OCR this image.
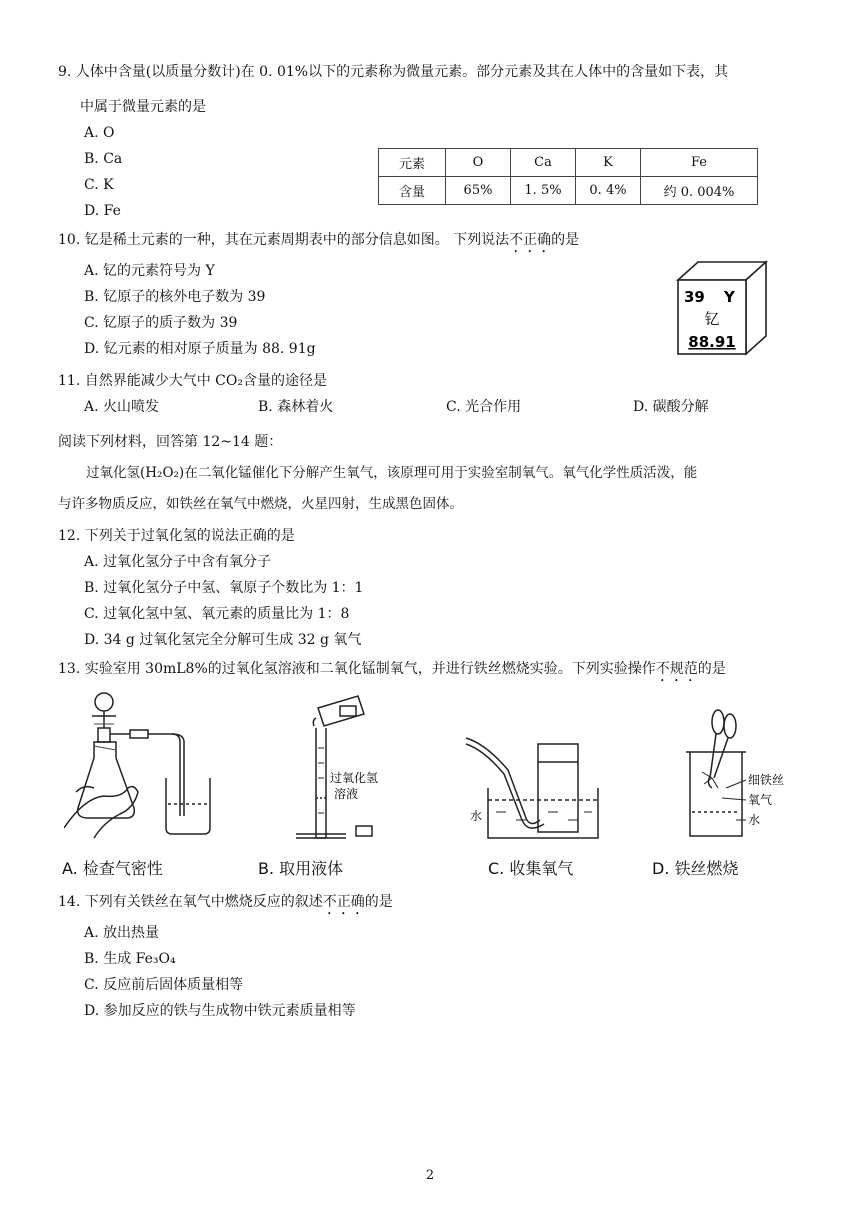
9. 人体中含量(以质量分数计)在 0. 01%以下的元素称为微量元素。部分元素及其在人体中的含量如下表，其
中属于微量元素的是
A. O
B. Ca
C. K
D. Fe
元素	O	Ca	K	Fe
含量	65%	1. 5%	0. 4%	约 0. 004%
10. 钇是稀土元素的一种，其在元素周期表中的部分信息如图。 下列说法不正确的是
A. 钇的元素符号为 Y
B. 钇原子的核外电子数为 39
C. 钇原子的质子数为 39
D. 钇元素的相对原子质量为 88. 91g
39 Y
钇
88.91
11. 自然界能减少大气中 CO₂含量的途径是
A. 火山喷发	B. 森林着火	C. 光合作用	D. 碳酸分解
阅读下列材料，回答第 12~14 题：
过氧化氢(H₂O₂)在二氧化锰催化下分解产生氧气，该原理可用于实验室制氧气。氧气化学性质活泼，能
与许多物质反应，如铁丝在氧气中燃烧，火星四射，生成黑色固体。
12. 下列关于过氧化氢的说法正确的是
A. 过氧化氢分子中含有氧分子
B. 过氧化氢分子中氢、氧原子个数比为 1：1
C. 过氧化氢中氢、氧元素的质量比为 1：8
D. 34 g 过氧化氢完全分解可生成 32 g 氧气
13. 实验室用 30mL8%的过氧化氢溶液和二氧化锰制氧气，并进行铁丝燃烧实验。下列实验操作不规范的是
过氧化氢
溶液
水
细铁丝
氧气
水
A. 检查气密性	B. 取用液体	C. 收集氧气	D. 铁丝燃烧
14. 下列有关铁丝在氧气中燃烧反应的叙述不正确的是
A. 放出热量
B. 生成 Fe₃O₄
C. 反应前后固体质量相等
D. 参加反应的铁与生成物中铁元素质量相等
2
